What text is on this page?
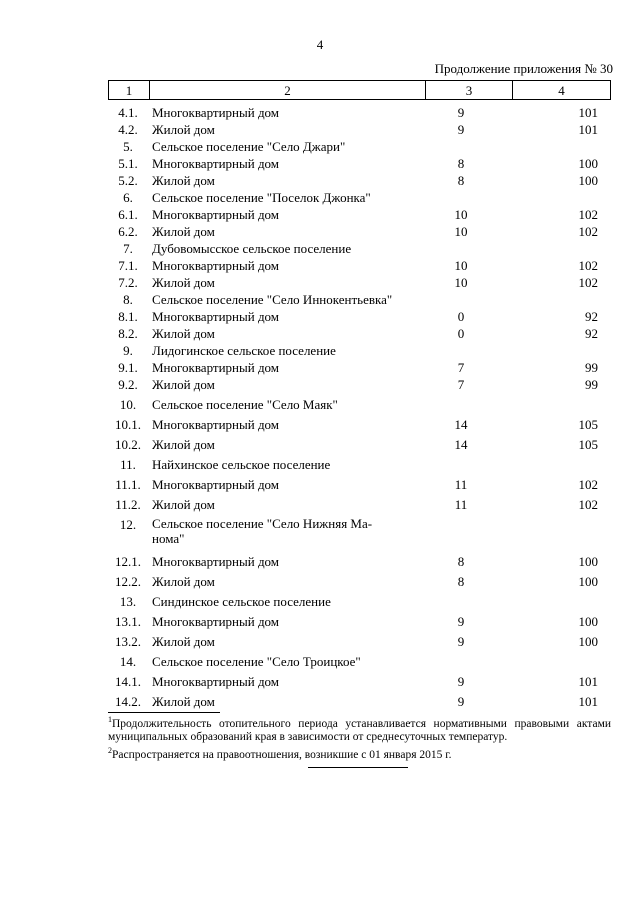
4
Продолжение приложения № 30
1	2	3	4
4.1.	Многоквартирный дом	9	101
4.2.	Жилой дом	9	101
5.	Сельское поселение "Село Джари"
5.1.	Многоквартирный дом	8	100
5.2.	Жилой дом	8	100
6.	Сельское поселение "Поселок Джонка"
6.1.	Многоквартирный дом	10	102
6.2.	Жилой дом	10	102
7.	Дубовомысское сельское поселение
7.1.	Многоквартирный дом	10	102
7.2.	Жилой дом	10	102
8.	Сельское поселение "Село Иннокентьевка"
8.1.	Многоквартирный дом	0	92
8.2.	Жилой дом	0	92
9.	Лидогинское сельское поселение
9.1.	Многоквартирный дом	7	99
9.2.	Жилой дом	7	99
10.	Сельское поселение "Село Маяк"
10.1. Многоквартирный дом	14	105
10.2. Жилой дом	14	105
11.	Найхинское сельское поселение
11.1. Многоквартирный дом	11	102
11.2. Жилой дом	11	102
12.	Сельское поселение "Село Нижняя Ма-
нома"
12.1. Многоквартирный дом	8	100
12.2. Жилой дом	8	100
13.	Синдинское сельское поселение
13.1. Многоквартирный дом	9	100
13.2. Жилой дом	9	100
14.	Сельское поселение "Село Троицкое"
14.1. Многоквартирный дом	9	101
14.2. Жилой дом	9	101
$^1$Продолжительность отопительного периода устанавливается нормативными правовыми актами муниципальных образований края в зависимости от среднесуточных температур.
$^2$Распространяется на правоотношения, возникшие с 01 января 2015 г.
